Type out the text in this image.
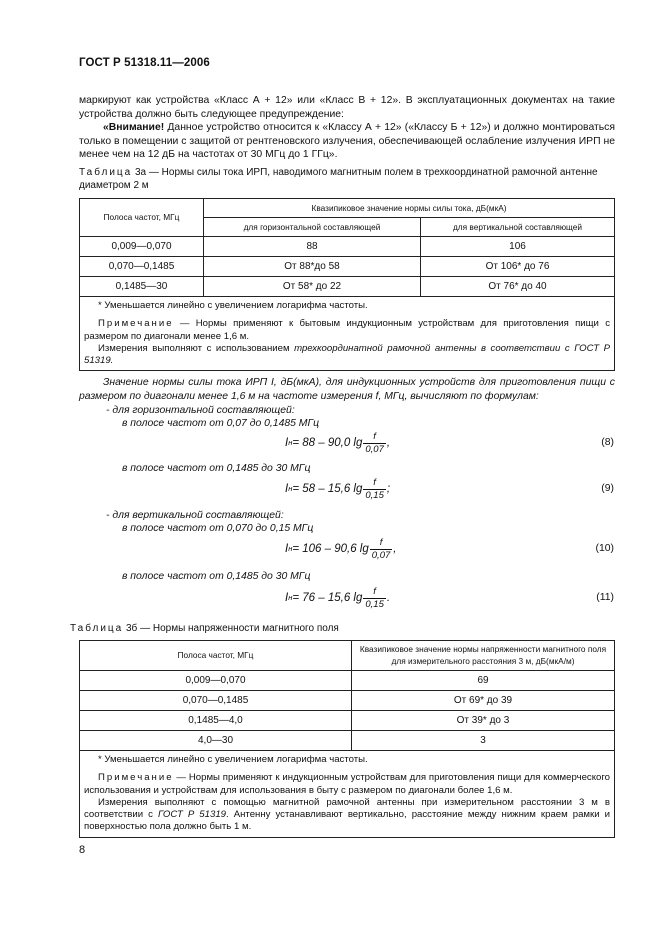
ГОСТ Р 51318.11—2006

маркируют как устройства «Класс А + 12» или «Класс В + 12». В эксплуатационных документах на такие устройства должно быть следующее предупреждение:

«Внимание! Данное устройство относится к «Классу А + 12» («Классу Б + 12») и должно монтироваться только в помещении с защитой от рентгеновского излучения, обеспечивающей ослабление излучения ИРП не менее чем на 12 дБ на частотах от 30 МГц до 1 ГГц».

Таблица 3а — Нормы силы тока ИРП, наводимого магнитным полем в трехкоординатной рамочной антенне диаметром 2 м
Полоса частот, МГц	Квазипиковое значение нормы силы тока, дБ(мкА)	
	для горизонтальной составляющей	для вертикальной составляющей
0,009—0,070	88	106
0,070—0,1485	От 88*до 58	От 106* до 76
0,1485—30	От 58* до 22	От 76* до 40

* Уменьшается линейно с увеличением логарифма частоты.
Примечание — Нормы применяют к бытовым индукционным устройствам для приготовления пищи с размером по диагонали менее 1,6 м.
Измерения выполняют с использованием трехкоординатной рамочной антенны в соответствии с ГОСТ Р 51319.		
Значение нормы силы тока ИРП I, дБ(мкА), для индукционных устройств для приготовления пищи с размером по диагонали менее 1,6 м на частоте измерения f, МГц, вычисляют по формулам:
- для горизонтальной составляющей:
в полосе частот от 0,07 до 0,1485 МГц
I н = 88 – 90,0 $\lg \frac{f}{0,07}$ ,	(8)
в полосе частот от 0,1485 до 30 МГц
I н = 58 – 15,6 $\lg \frac{f}{0,15}$ ;	(9)
- для вертикальной составляющей:
в полосе частот от 0,070 до 0,15 МГц
I н = 106 – 90,6 $\lg \frac{f}{0,07}$ ,	(10)
в полосе частот от 0,1485 до 30 МГц
I н = 76 – 15,6 $\lg \frac{f}{0,15}$ .	(11)
Таблица 3б — Нормы напряженности магнитного поля
Полоса частот, МГц	Квазипиковое значение нормы напряженности магнитного поля для измерительного расстояния 3 м, дБ(мкА/м)
0,009—0,070	69
0,070—0,1485	От 69* до 39
0,1485—4,0	От 39* до 3
4,0—30	3

* Уменьшается линейно с увеличением логарифма частоты.
Примечание — Нормы применяют к индукционным устройствам для приготовления пищи для коммерческого использования и устройствам для использования в быту с размером по диагонали более 1,6 м.
Измерения выполняют с помощью магнитной рамочной антенны при измерительном расстоянии 3 м в соответствии с ГОСТ Р 51319. Антенну устанавливают вертикально, расстояние между нижним краем рамки и поверхностью пола должно быть 1 м.	
8
